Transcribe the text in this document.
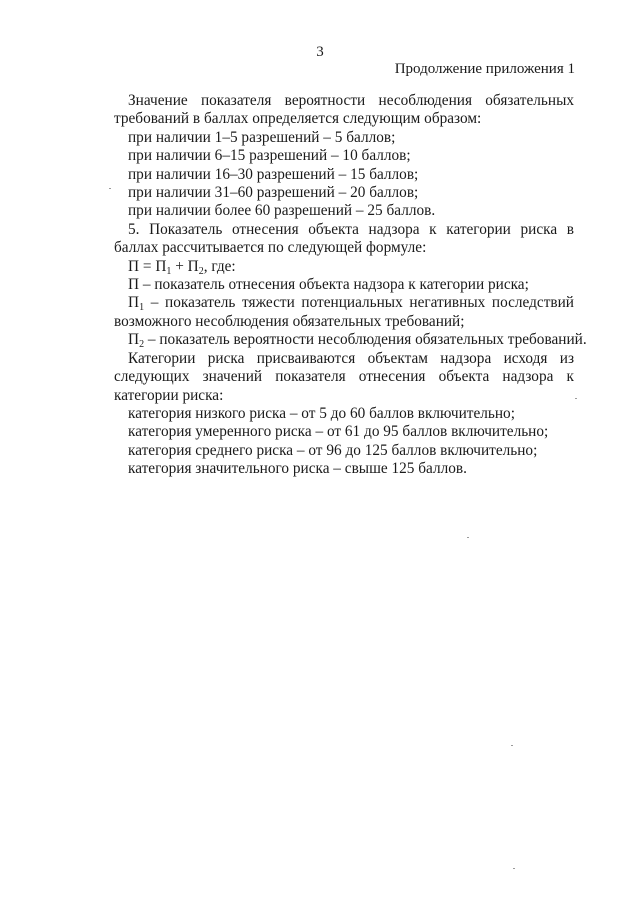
3
Продолжение приложения 1

Значение показателя вероятности несоблюдения обязательных требований в баллах определяется следующим образом:

при наличии 1–5 разрешений – 5 баллов;

при наличии 6–15 разрешений – 10 баллов;

при наличии 16–30 разрешений – 15 баллов;

при наличии 31–60 разрешений – 20 баллов;

при наличии более 60 разрешений – 25 баллов.

5. Показатель отнесения объекта надзора к категории риска в баллах рассчитывается по следующей формуле:

$П = П_1 + П_2$, где:

П – показатель отнесения объекта надзора к категории риска;

$П_1$ – показатель тяжести потенциальных негативных последствий возможного несоблюдения обязательных требований;

$П_2$ – показатель вероятности несоблюдения обязательных требований.

Категории риска присваиваются объектам надзора исходя из следующих значений показателя отнесения объекта надзора к категории риска:

категория низкого риска – от 5 до 60 баллов включительно;

категория умеренного риска – от 61 до 95 баллов включительно;

категория среднего риска – от 96 до 125 баллов включительно;

категория значительного риска – свыше 125 баллов.
